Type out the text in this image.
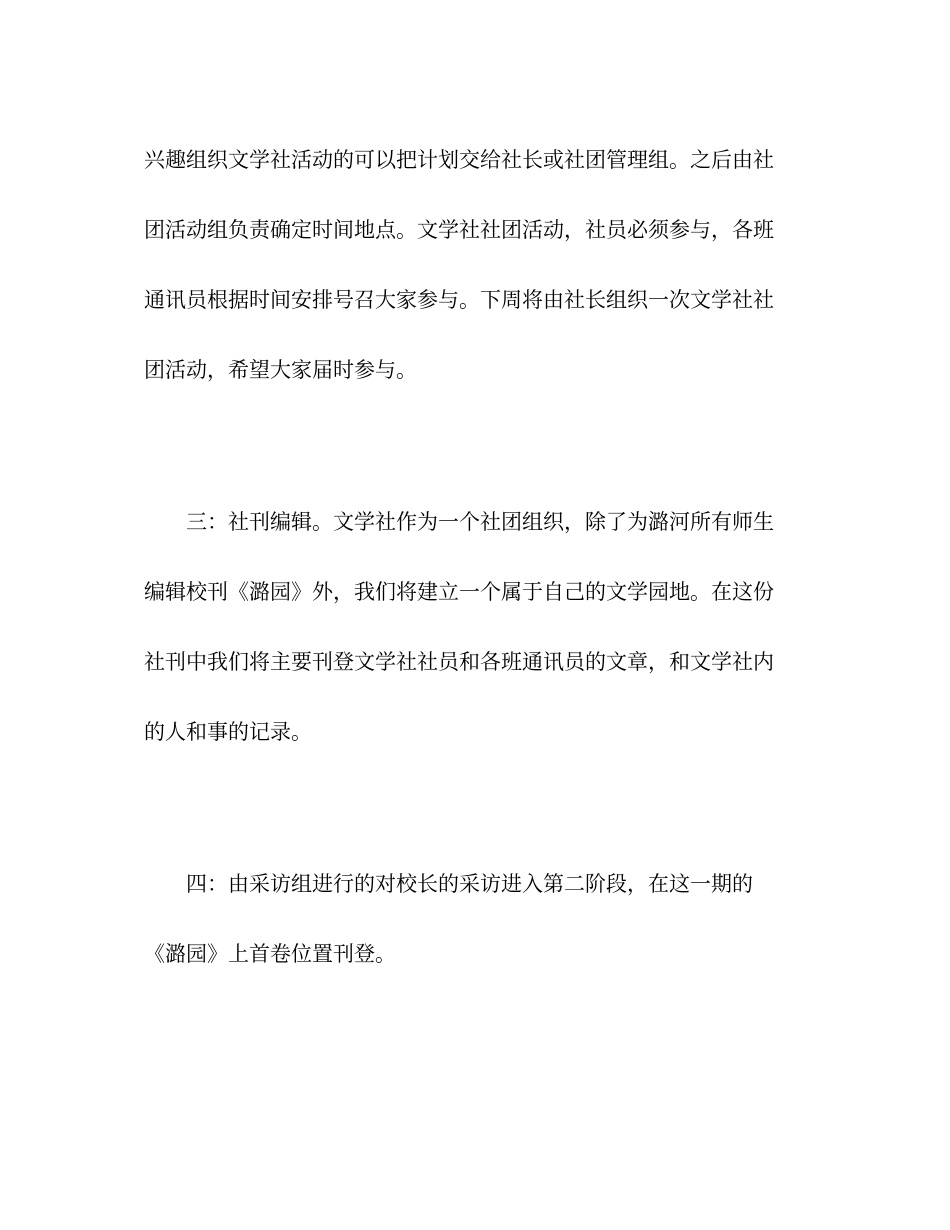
兴趣组织文学社活动的可以把计划交给社长或社团管理组。之后由社
团活动组负责确定时间地点。文学社社团活动，社员必须参与，各班
通讯员根据时间安排号召大家参与。下周将由社长组织一次文学社社
团活动，希望大家届时参与。
三：社刊编辑。文学社作为一个社团组织，除了为潞河所有师生
编辑校刊《潞园》外，我们将建立一个属于自己的文学园地。在这份
社刊中我们将主要刊登文学社社员和各班通讯员的文章，和文学社内
的人和事的记录。
四：由采访组进行的对校长的采访进入第二阶段，在这一期的
《潞园》上首卷位置刊登。
